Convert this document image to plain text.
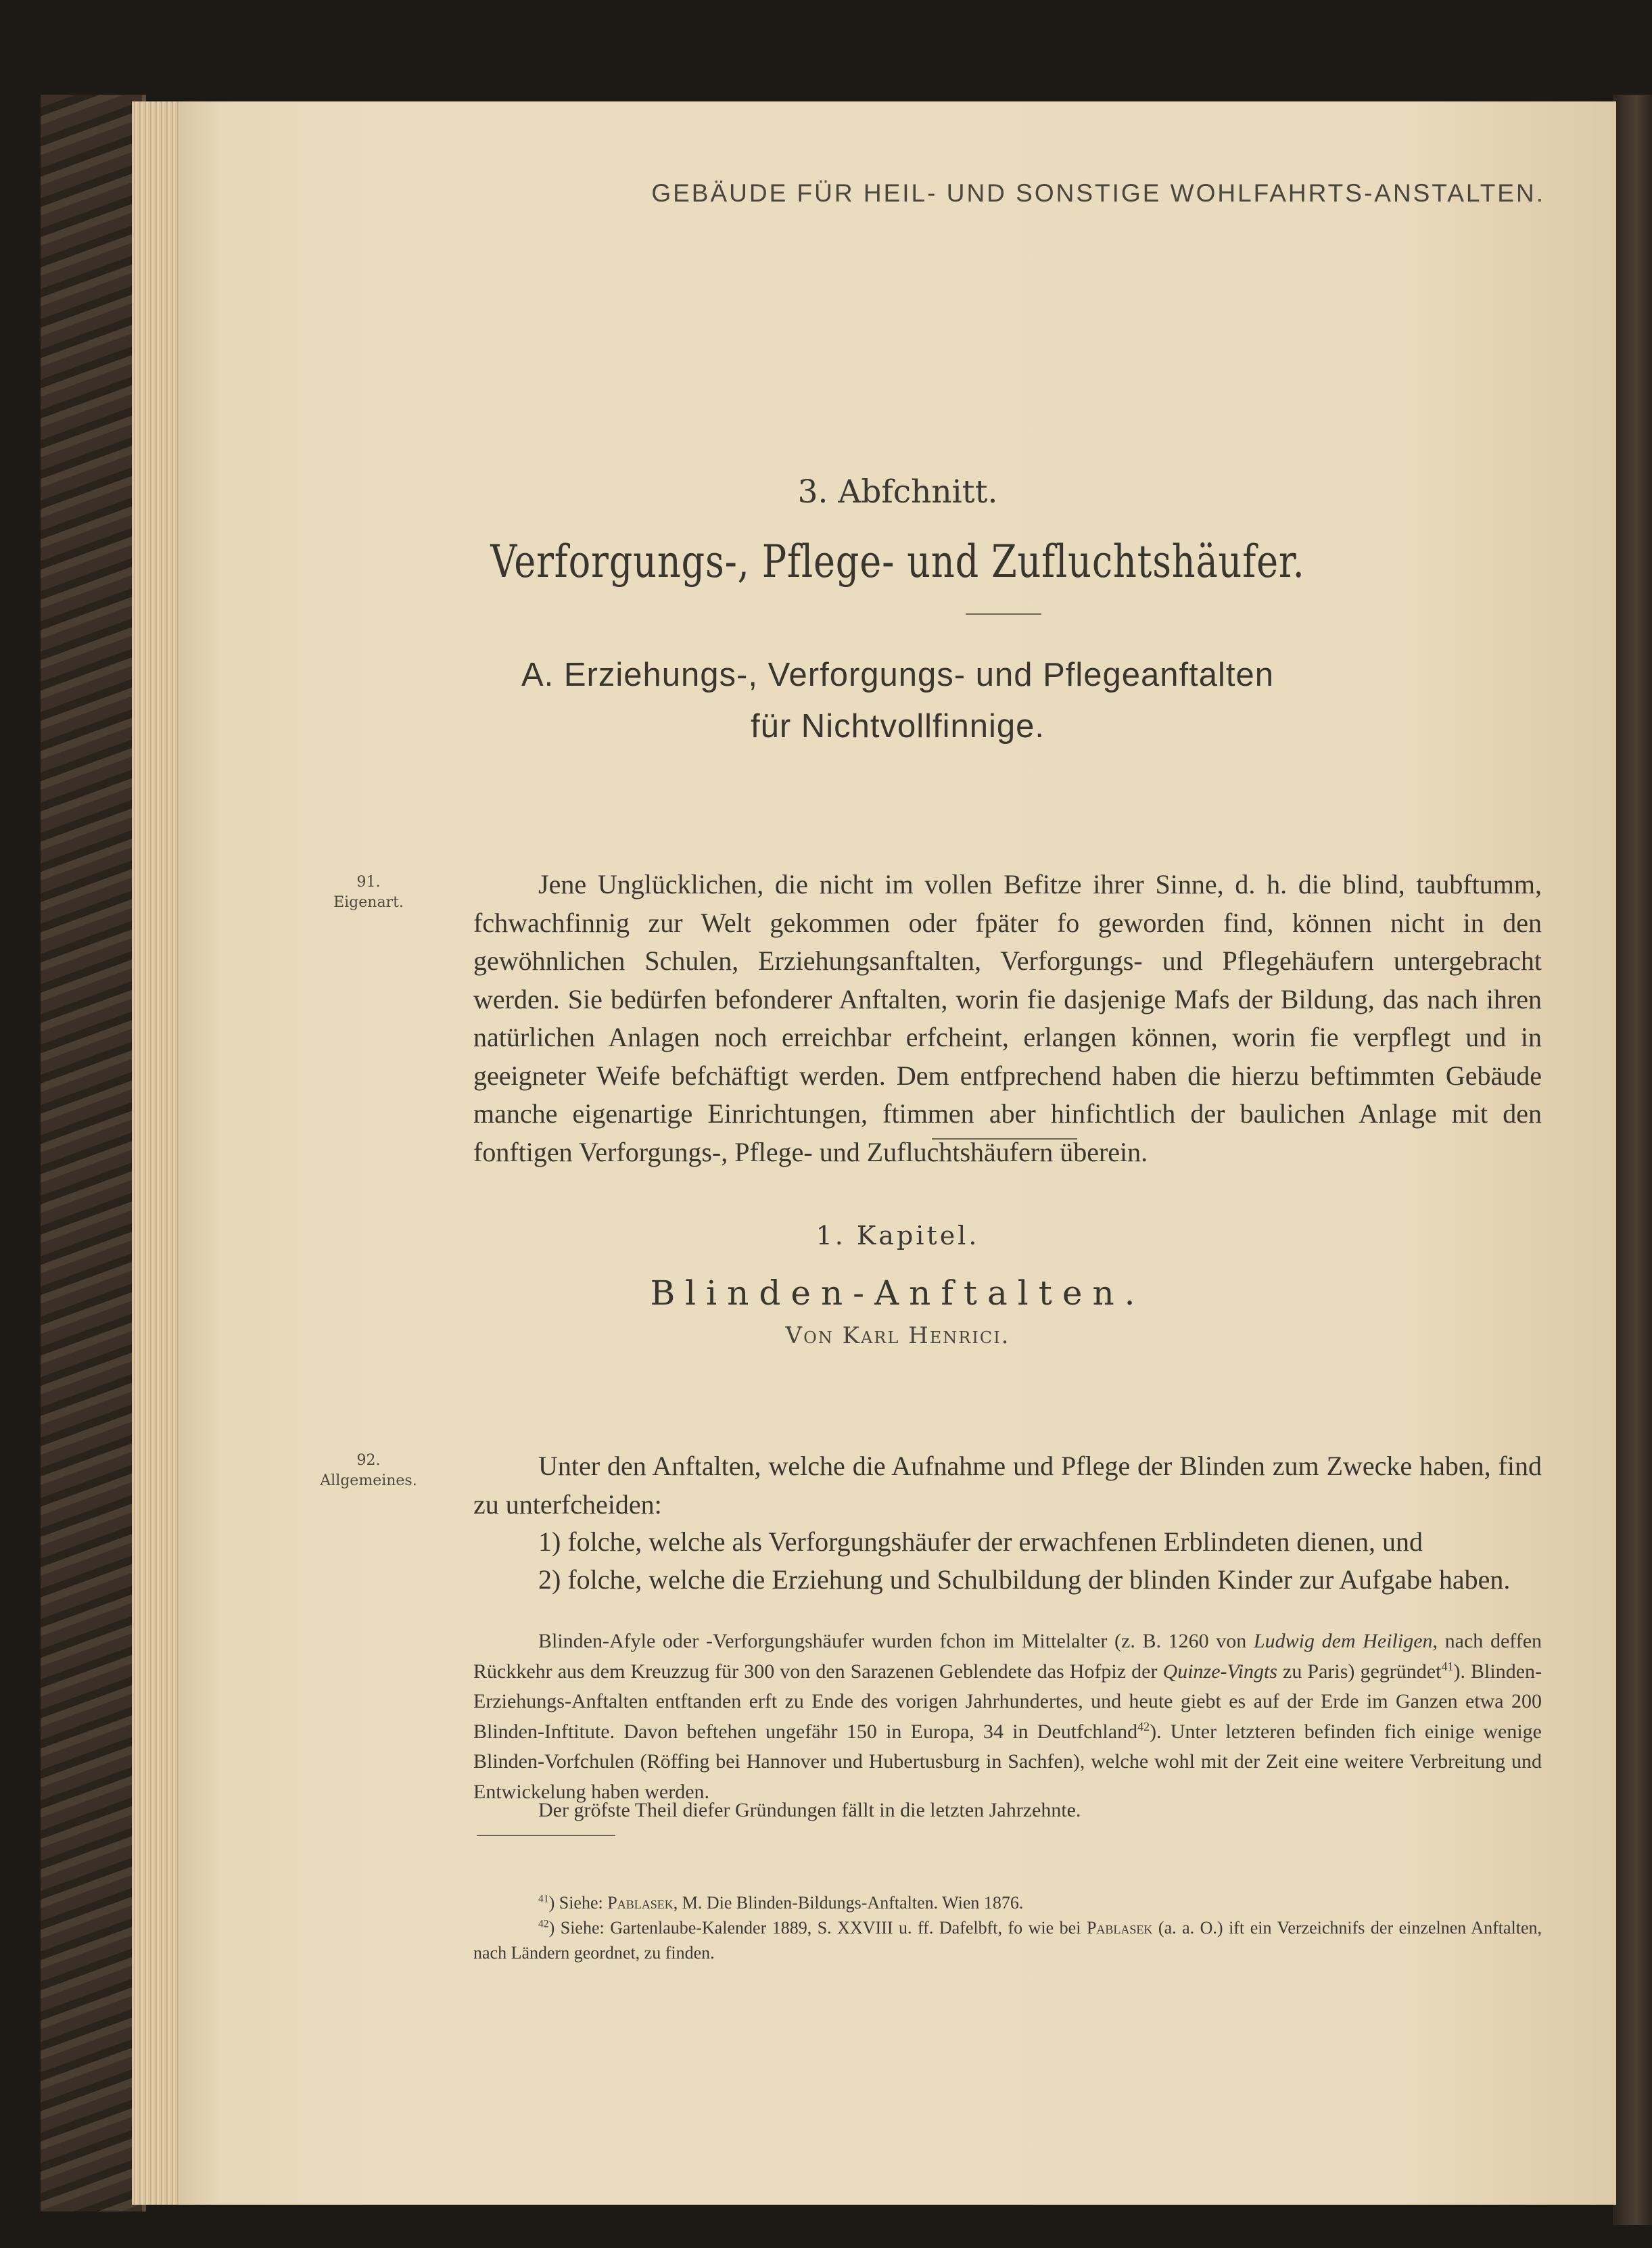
GEBÄUDE FÜR HEIL- UND SONSTIGE WOHLFAHRTS-ANSTALTEN.
3. Abfchnitt.
Verforgungs-, Pflege- und Zufluchtshäufer.
A. Erziehungs-, Verforgungs- und Pflegeanftalten
für Nichtvollfinnige.
91.
Eigenart.
Jene Unglücklichen, die nicht im vollen Befitze ihrer Sinne, d. h. die blind, taubftumm, fchwachfinnig zur Welt gekommen oder fpäter fo geworden find, können nicht in den gewöhnlichen Schulen, Erziehungsanftalten, Verforgungs- und Pflegehäufern untergebracht werden. Sie bedürfen befonderer Anftalten, worin fie dasjenige Mafs der Bildung, das nach ihren natürlichen Anlagen noch erreichbar erfcheint, erlangen können, worin fie verpflegt und in geeigneter Weife befchäftigt werden. Dem entfprechend haben die hierzu beftimmten Gebäude manche eigenartige Einrichtungen, ftimmen aber hinfichtlich der baulichen Anlage mit den fonftigen Verforgungs-, Pflege- und Zufluchtshäufern überein.
1. Kapitel.
Blinden-Anftalten.
Von Karl Henrici.
92.
Allgemeines.	Unter den Anftalten, welche die Aufnahme und Pflege der Blinden zum Zwecke haben, find zu unterfcheiden:
1) folche, welche als Verforgungshäufer der erwachfenen Erblindeten dienen, und
2) folche, welche die Erziehung und Schulbildung der blinden Kinder zur Aufgabe haben.
Blinden-Afyle oder -Verforgungshäufer wurden fchon im Mittelalter (z. B. 1260 von Ludwig dem Heiligen, nach deffen Rückkehr aus dem Kreuzzug für 300 von den Sarazenen Geblendete das Hofpiz der Quinze-Vingts zu Paris) gegründet$^{41}$). Blinden-Erziehungs-Anftalten entftanden erft zu Ende des vorigen Jahrhundertes, und heute giebt es auf der Erde im Ganzen etwa 200 Blinden-Inftitute. Davon beftehen ungefähr 150 in Europa, 34 in Deutfchland$^{42}$). Unter letzteren befinden fich einige wenige Blinden-Vorfchulen (Röffing bei Hannover und Hubertusburg in Sachfen), welche wohl mit der Zeit eine weitere Verbreitung und Entwickelung haben werden.
Der gröfste Theil diefer Gründungen fällt in die letzten Jahrzehnte.
$^{41}$) Siehe: Pablasek, M. Die Blinden-Bildungs-Anftalten. Wien 1876.
$^{42}$) Siehe: Gartenlaube-Kalender 1889, S. XXVIII u. ff. Dafelbft, fo wie bei Pablasek (a. a. O.) ift ein Verzeichnifs der einzelnen Anftalten, nach Ländern geordnet, zu finden.
